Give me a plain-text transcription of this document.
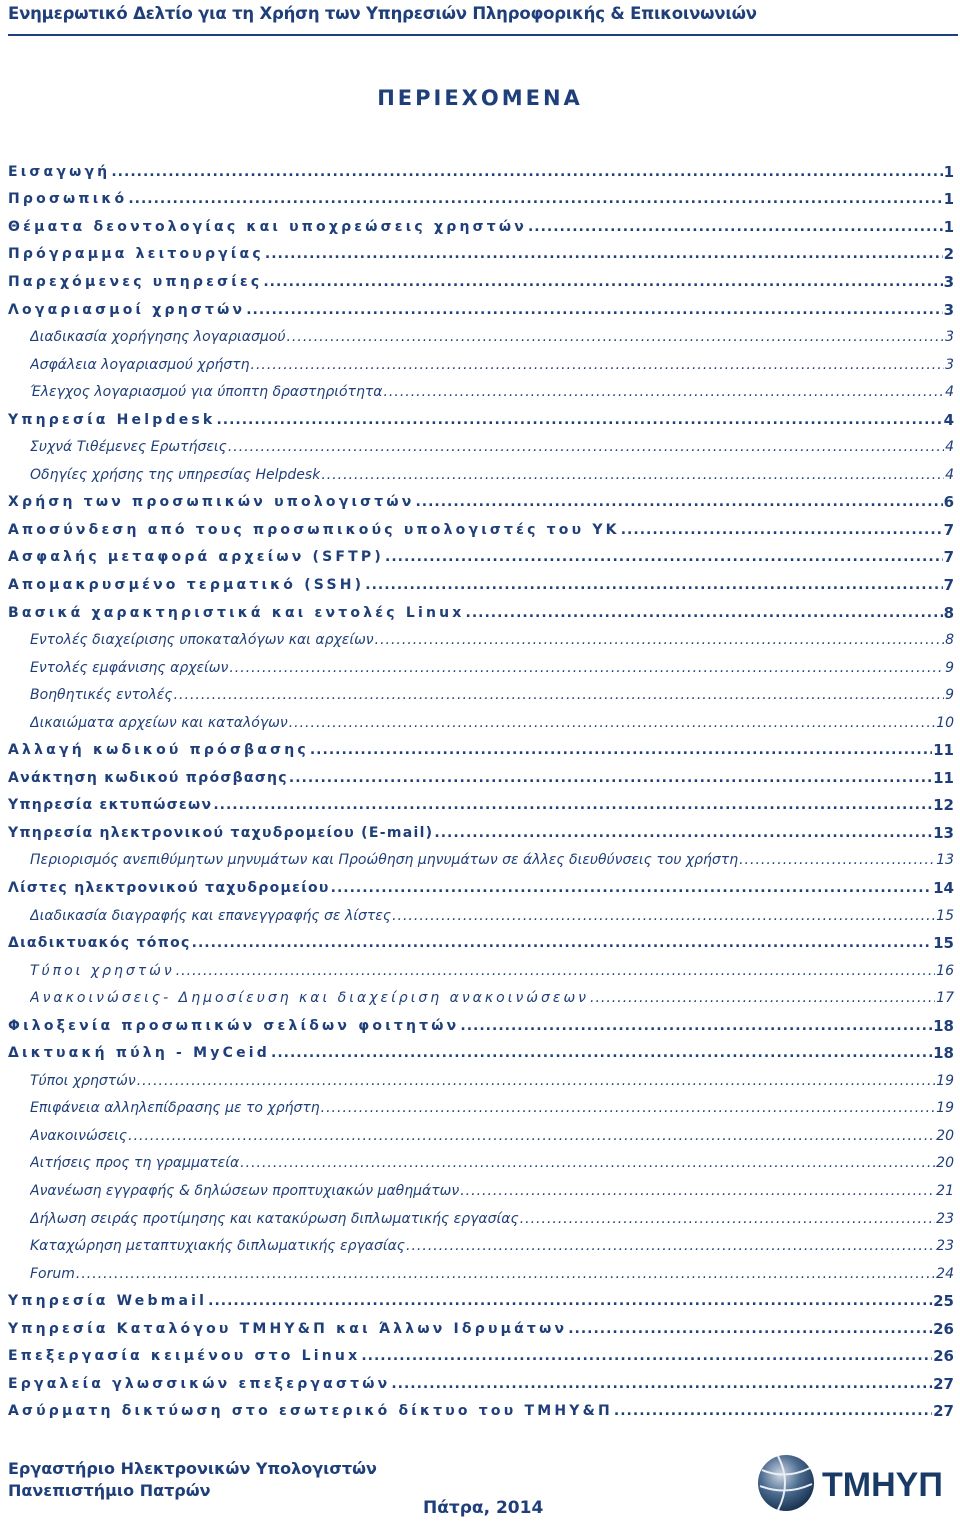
Ενημερωτικό Δελτίο για τη Χρήση των Υπηρεσιών Πληροφορικής & Επικοινωνιών
ΠΕΡΙΕΧΟΜΕΝΑ
Εισαγωγή .....	1
Προσωπικό .....	1
Θέματα δεοντολογίας και υποχρεώσεις χρηστών .....	1
Πρόγραμμα λειτουργίας .....	2
Παρεχόμενες υπηρεσίες .....	3
Λογαριασμοί χρηστών .....	3
Διαδικασία χορήγησης λογαριασμού .....	3
Ασφάλεια λογαριασμού χρήστη .....	3
Έλεγχος λογαριασμού για ύποπτη δραστηριότητα .....	4
Υπηρεσία Helpdesk .....	4
Συχνά Τιθέμενες Ερωτήσεις .....	4
Οδηγίες χρήσης της υπηρεσίας Helpdesk .....	4
Χρήση των προσωπικών υπολογιστών .....	6
Αποσύνδεση από τους προσωπικούς υπολογιστές του ΥΚ .....	7
Ασφαλής μεταφορά αρχείων (SFTP) .....	7
Απομακρυσμένο τερματικό (SSH) .....	7
Βασικά χαρακτηριστικά και εντολές Linux .....	8
Εντολές διαχείρισης υποκαταλόγων και αρχείων .....	8
Εντολές εμφάνισης αρχείων .....	9
Βοηθητικές εντολές .....	9
Δικαιώματα αρχείων και καταλόγων .....	10
Αλλαγή κωδικού πρόσβασης .....	11
Ανάκτηση κωδικού πρόσβασης .....	11
Υπηρεσία εκτυπώσεων .....	12
Υπηρεσία ηλεκτρονικού ταχυδρομείου (E-mail) .....	13
Περιορισμός ανεπιθύμητων μηνυμάτων και Προώθηση μηνυμάτων σε άλλες διευθύνσεις του χρήστη .....	13
Λίστες ηλεκτρονικού ταχυδρομείου .....	14
Διαδικασία διαγραφής και επανεγγραφής σε λίστες .....	15
Διαδικτυακός τόπος .....	15
Τύποι χρηστών .....	16
Ανακοινώσεις- Δημοσίευση και διαχείριση ανακοινώσεων .....	17
Φιλοξενία προσωπικών σελίδων φοιτητών .....	18
Δικτυακή πύλη - MyCeid .....	18
Τύποι χρηστών .....	19
Επιφάνεια αλληλεπίδρασης με το χρήστη .....	19
Ανακοινώσεις .....	20
Αιτήσεις προς τη γραμματεία .....	20
Ανανέωση εγγραφής & δηλώσεων προπτυχιακών μαθημάτων .....	21
Δήλωση σειράς προτίμησης και κατακύρωση διπλωματικής εργασίας .....	23
Καταχώρηση μεταπτυχιακής διπλωματικής εργασίας .....	23
Forum .....	24
Υπηρεσία Webmail .....	25
Υπηρεσία Καταλόγου ΤΜΗΥ&Π και Άλλων Ιδρυμάτων .....	26
Επεξεργασία κειμένου στο Linux .....	26
Εργαλεία γλωσσικών επεξεργαστών .....	27
Ασύρματη δικτύωση στο εσωτερικό δίκτυο του ΤΜΗΥ&Π .....	27
Εργαστήριο Ηλεκτρονικών Υπολογιστών
Πανεπιστήμιο Πατρών
Πάτρα, 2014
ΤΜΗΥΠ
